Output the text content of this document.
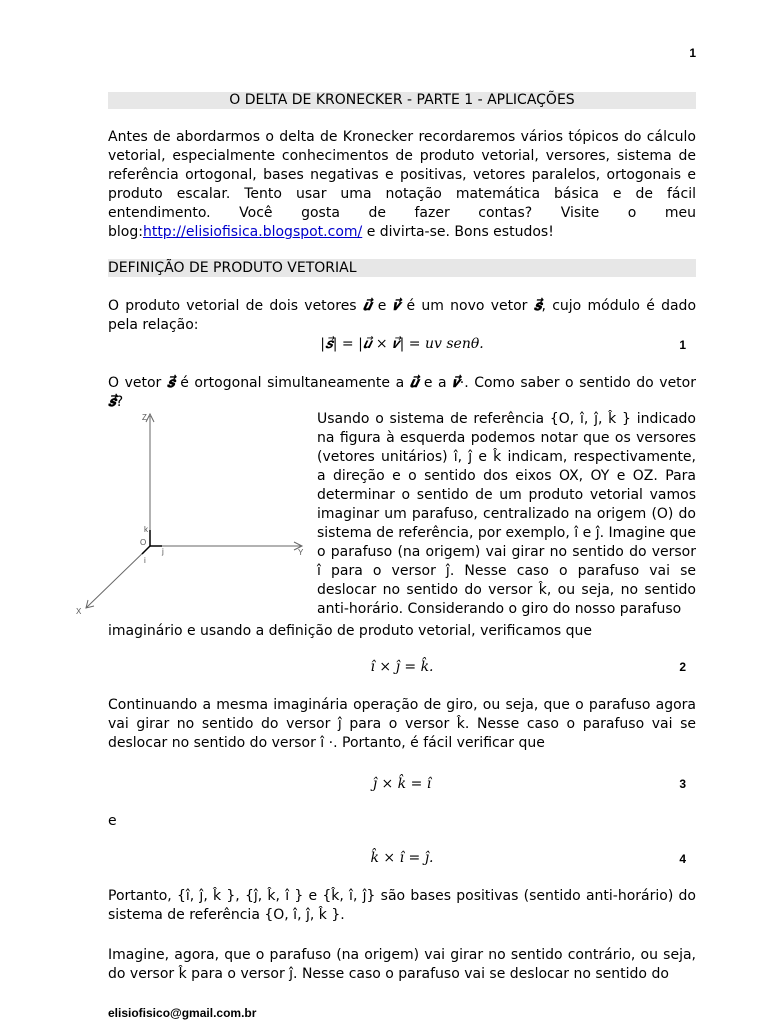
1
O DELTA DE KRONECKER - PARTE 1 - APLICAÇÕES
Antes de abordarmos o delta de Kronecker recordaremos vários tópicos do cálculo vetorial, especialmente conhecimentos de produto vetorial, versores, sistema de referência ortogonal, bases negativas e positivas, vetores paralelos, ortogonais e produto escalar. Tento usar uma notação matemática básica e de fácil entendimento. Você gosta de fazer contas? Visite o meu blog:http://elisiofisica.blogspot.com/ e divirta-se. Bons estudos!
DEFINIÇÃO DE PRODUTO VETORIAL
O produto vetorial de dois vetores 𝒖⃗ e 𝒗⃗ é um novo vetor 𝒔⃗, cujo módulo é dado pela relação:
|𝒔⃗| = |𝒖⃗ × 𝒗⃗| = uv senθ.	1
O vetor 𝒔⃗ é ortogonal simultaneamente a 𝒖⃗ e a 𝒗⃗·. Como saber o sentido do vetor 𝒔⃗?
Z
Y
X
k
O
j
i
Usando o sistema de referência {O, î, ĵ, k̂ } indicado na figura à esquerda podemos notar que os versores (vetores unitários) î, ĵ e k̂ indicam, respectivamente, a direção e o sentido dos eixos OX, OY e OZ. Para determinar o sentido de um produto vetorial vamos imaginar um parafuso, centralizado na origem (O) do sistema de referência, por exemplo, î e ĵ. Imagine que o parafuso (na origem) vai girar no sentido do versor î para o versor ĵ. Nesse caso o parafuso vai se deslocar no sentido do versor k̂, ou seja, no sentido anti-horário. Considerando o giro do nosso parafuso
imaginário e usando a definição de produto vetorial, verificamos que
î × ĵ = k̂.	2
Continuando a mesma imaginária operação de giro, ou seja, que o parafuso agora vai girar no sentido do versor ĵ para o versor k̂. Nesse caso o parafuso vai se deslocar no sentido do versor î ·. Portanto, é fácil verificar que
ĵ × k̂ = î	3
e
k̂ × î = ĵ.	4
Portanto, {î, ĵ, k̂ }, {ĵ, k̂, î } e {k̂, î, ĵ} são bases positivas (sentido anti-horário) do sistema de referência {O, î, ĵ, k̂ }.
Imagine, agora, que o parafuso (na origem) vai girar no sentido contrário, ou seja, do versor k̂ para o versor ĵ. Nesse caso o parafuso vai se deslocar no sentido do
elisiofisico@gmail.com.br
